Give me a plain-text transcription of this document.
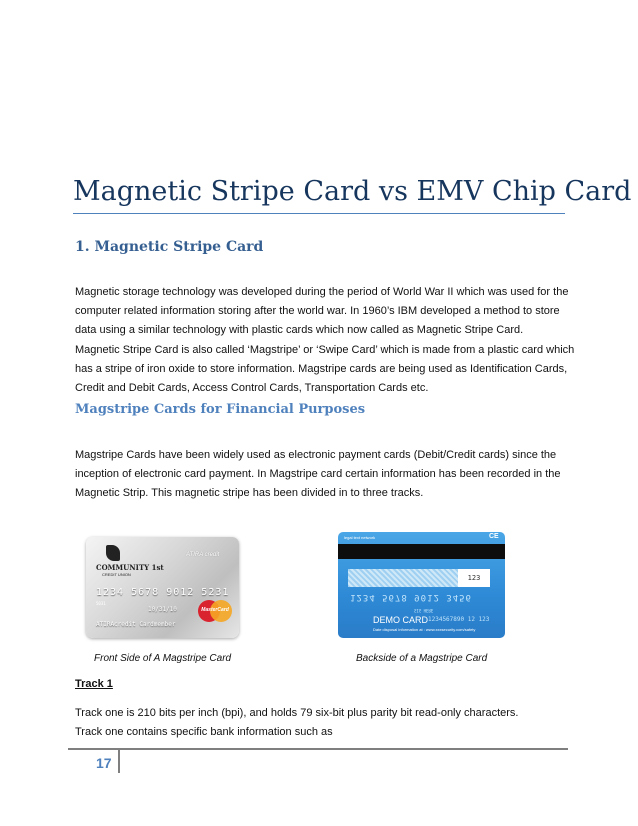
Magnetic Stripe Card vs EMV Chip Card
1. Magnetic Stripe Card
Magnetic storage technology was developed during the period of World War II which was used for the
computer related information storing after the world war. In 1960’s IBM developed a method to store
data using a similar technology with plastic cards which now called as Magnetic Stripe Card.
Magnetic Stripe Card is also called ‘Magstripe’ or ‘Swipe Card’ which is made from a plastic card which
has a stripe of iron oxide to store information. Magstripe cards are being used as Identification Cards,
Credit and Debit Cards, Access Control Cards, Transportation Cards etc.
Magstripe Cards for Financial Purposes
Magstripe Cards have been widely used as electronic payment cards (Debit/Credit cards) since the
inception of electronic card payment. In Magstripe card certain information has been recorded in the
Magnetic Strip. This magnetic stripe has been divided in to three tracks.
COMMUNITY 1st
CREDIT UNION
ATIRA credit
1234 5678 9012 5231
5031
10/31/10
ATIRAcredit Cardmember
MasterCard
legal text network	CE
123
1234 5678 9012 3456
SIG HERE
DEMO CARD 1234567890 12 123
Date disposal information at : www.xxxsecurity.com/safety
Front Side of A Magstripe Card	Backside of a Magstripe Card
Track 1
Track one is 210 bits per inch (bpi), and holds 79 six-bit plus parity bit read-only characters.
Track one contains specific bank information such as
17
